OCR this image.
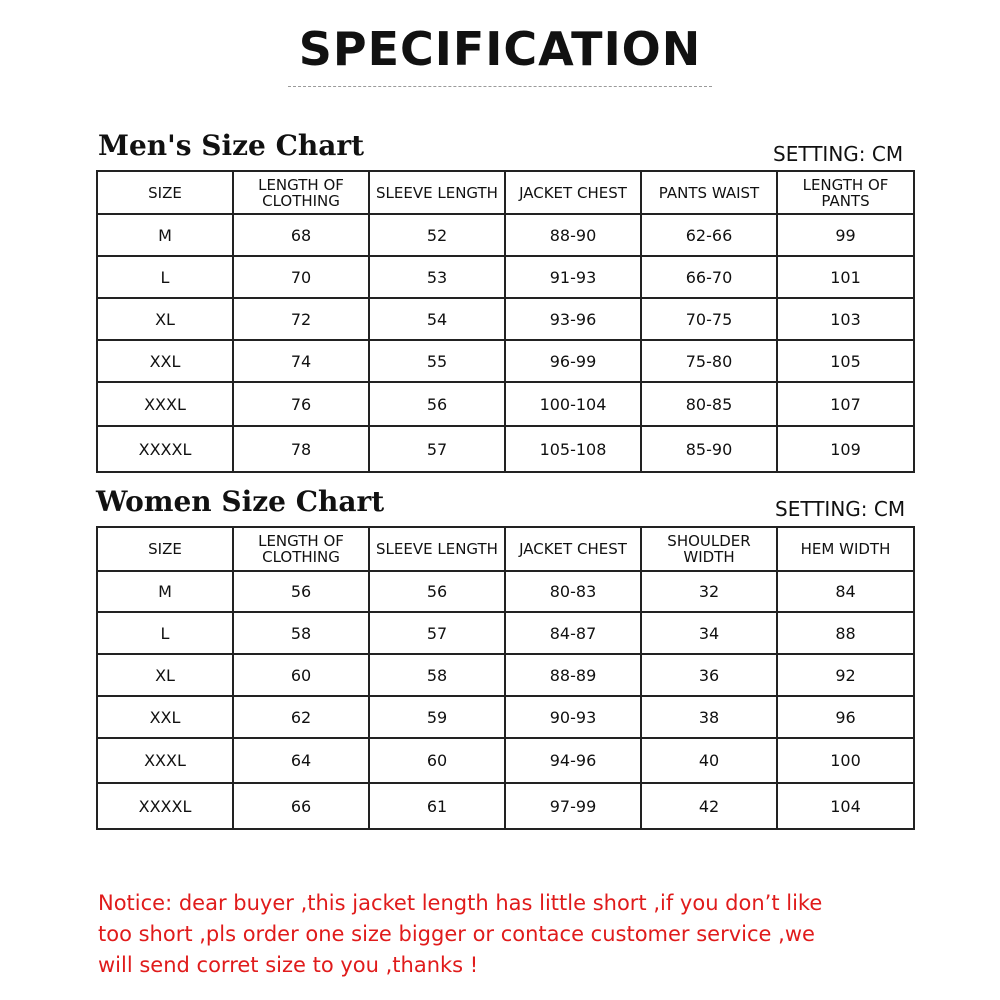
SPECIFICATION
Men's Size Chart	SETTING: CM
SIZE	LENGTH OF CLOTHING	SLEEVE LENGTH	JACKET CHEST	PANTS WAIST	LENGTH OF PANTS
M	68	52	88-90	62-66	99
L	70	53	91-93	66-70	101
XL	72	54	93-96	70-75	103
XXL	74	55	96-99	75-80	105
XXXL	76	56	100-104	80-85	107
XXXXL	78	57	105-108	85-90	109
Women Size Chart	SETTING: CM
SIZE	LENGTH OF CLOTHING	SLEEVE LENGTH	JACKET CHEST	SHOULDER WIDTH	HEM WIDTH
M	56	56	80-83	32	84
L	58	57	84-87	34	88
XL	60	58	88-89	36	92
XXL	62	59	90-93	38	96
XXXL	64	60	94-96	40	100
XXXXL	66	61	97-99	42	104
Notice: dear buyer ,this jacket length has little short ,if you don’t like
too short ,pls order one size bigger or contace customer service ,we
will send corret size to you ,thanks !
